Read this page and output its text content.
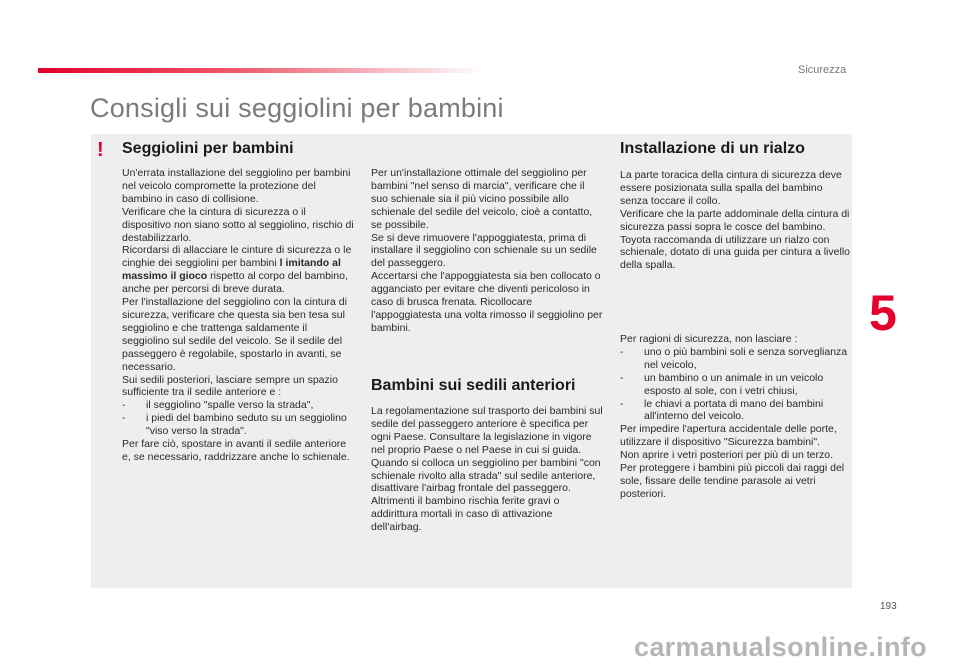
Sicurezza
Consigli sui seggiolini per bambini
! Seggiolini per bambini

Un'errata installazione del seggiolino per bambini nel veicolo compromette la protezione del bambino in caso di collisione.

Verificare che la cintura di sicurezza o il dispositivo non siano sotto al seggiolino, rischio di destabilizzarlo.

Ricordarsi di allacciare le cinture di sicurezza o le cinghie dei seggiolini per bambini l imitando al massimo il gioco rispetto al corpo del bambino, anche per percorsi di breve durata.

Per l'installazione del seggiolino con la cintura di sicurezza, verificare che questa sia ben tesa sul seggiolino e che trattenga saldamente il seggiolino sul sedile del veicolo. Se il sedile del passeggero è regolabile, spostarlo in avanti, se necessario.

Sui sedili posteriori, lasciare sempre un spazio sufficiente tra il sedile anteriore e :

- il seggiolino "spalle verso la strada",

- i piedi del bambino seduto su un seggiolino "viso verso la strada".

Per fare ciò, spostare in avanti il sedile anteriore e, se necessario, raddrizzare anche lo schienale.

Per un'installazione ottimale del seggiolino per bambini "nel senso di marcia", verificare che il suo schienale sia il più vicino possibile allo schienale del sedile del veicolo, cioè a contatto, se possibile.

Se si deve rimuovere l'appoggiatesta, prima di installare il seggiolino con schienale su un sedile del passeggero.

Accertarsi che l'appoggiatesta sia ben collocato o agganciato per evitare che diventi pericoloso in caso di brusca frenata. Ricollocare l'appoggiatesta una volta rimosso il seggiolino per bambini.

Bambini sui sedili anteriori

La regolamentazione sul trasporto dei bambini sul sedile del passeggero anteriore è specifica per ogni Paese. Consultare la legislazione in vigore nel proprio Paese o nel Paese in cui si guida.

Quando si colloca un seggiolino per bambini "con schienale rivolto alla strada" sul sedile anteriore, disattivare l'airbag frontale del passeggero. Altrimenti il bambino rischia ferite gravi o addirittura mortali in caso di attivazione dell'airbag.

Installazione di un rialzo

La parte toracica della cintura di sicurezza deve essere posizionata sulla spalla del bambino senza toccare il collo.

Verificare che la parte addominale della cintura di sicurezza passi sopra le cosce del bambino.

Toyota raccomanda di utilizzare un rialzo con schienale, dotato di una guida per cintura a livello della spalla.

Per ragioni di sicurezza, non lasciare :

- uno o più bambini soli e senza sorveglianza nel veicolo,

- un bambino o un animale in un veicolo esposto al sole, con i vetri chiusi,

- le chiavi a portata di mano dei bambini all'interno del veicolo.

Per impedire l'apertura accidentale delle porte, utilizzare il dispositivo "Sicurezza bambini".

Non aprire i vetri posteriori per più di un terzo.

Per proteggere i bambini più piccoli dai raggi del sole, fissare delle tendine parasole ai vetri posteriori.

5
193
carmanualsonline.info
